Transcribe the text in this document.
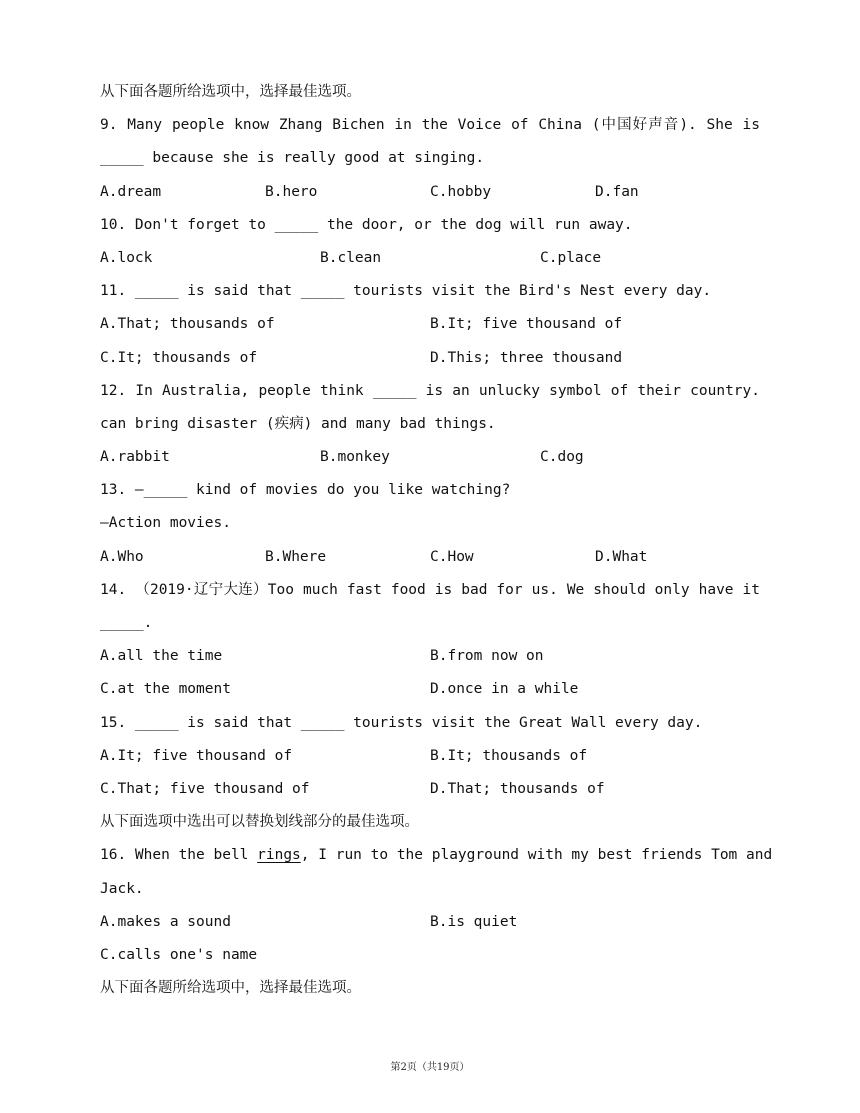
从下面各题所给选项中，选择最佳选项。
9. Many people know Zhang Bichen in the Voice of China (中国好声音). She is
_____ because she is really good at singing.
A.dream	B.hero	C.hobby	D.fan
10. Don't forget to _____ the door, or the dog will run away.
A.lock	B.clean	C.place
11. _____ is said that _____ tourists visit the Bird's Nest every day.
A.That; thousands of	B.It; five thousand of
C.It; thousands of	D.This; three thousand
12. In Australia, people think _____ is an unlucky symbol of their country.
can bring disaster (疾病) and many bad things.
A.rabbit	B.monkey	C.dog
13. —_____ kind of movies do you like watching?
—Action movies.
A.Who	B.Where	C.How	D.What
14. （2019·辽宁大连）Too much fast food is bad for us. We should only have it
_____.
A.all the time	B.from now on
C.at the moment	D.once in a while
15. _____ is said that _____ tourists visit the Great Wall every day.
A.It; five thousand of	B.It; thousands of
C.That; five thousand of	D.That; thousands of
从下面选项中选出可以替换划线部分的最佳选项。
16. When the bell rings, I run to the playground with my best friends Tom and
Jack.
A.makes a sound	B.is quiet
C.calls one's name
从下面各题所给选项中，选择最佳选项。
第2页（共19页）
